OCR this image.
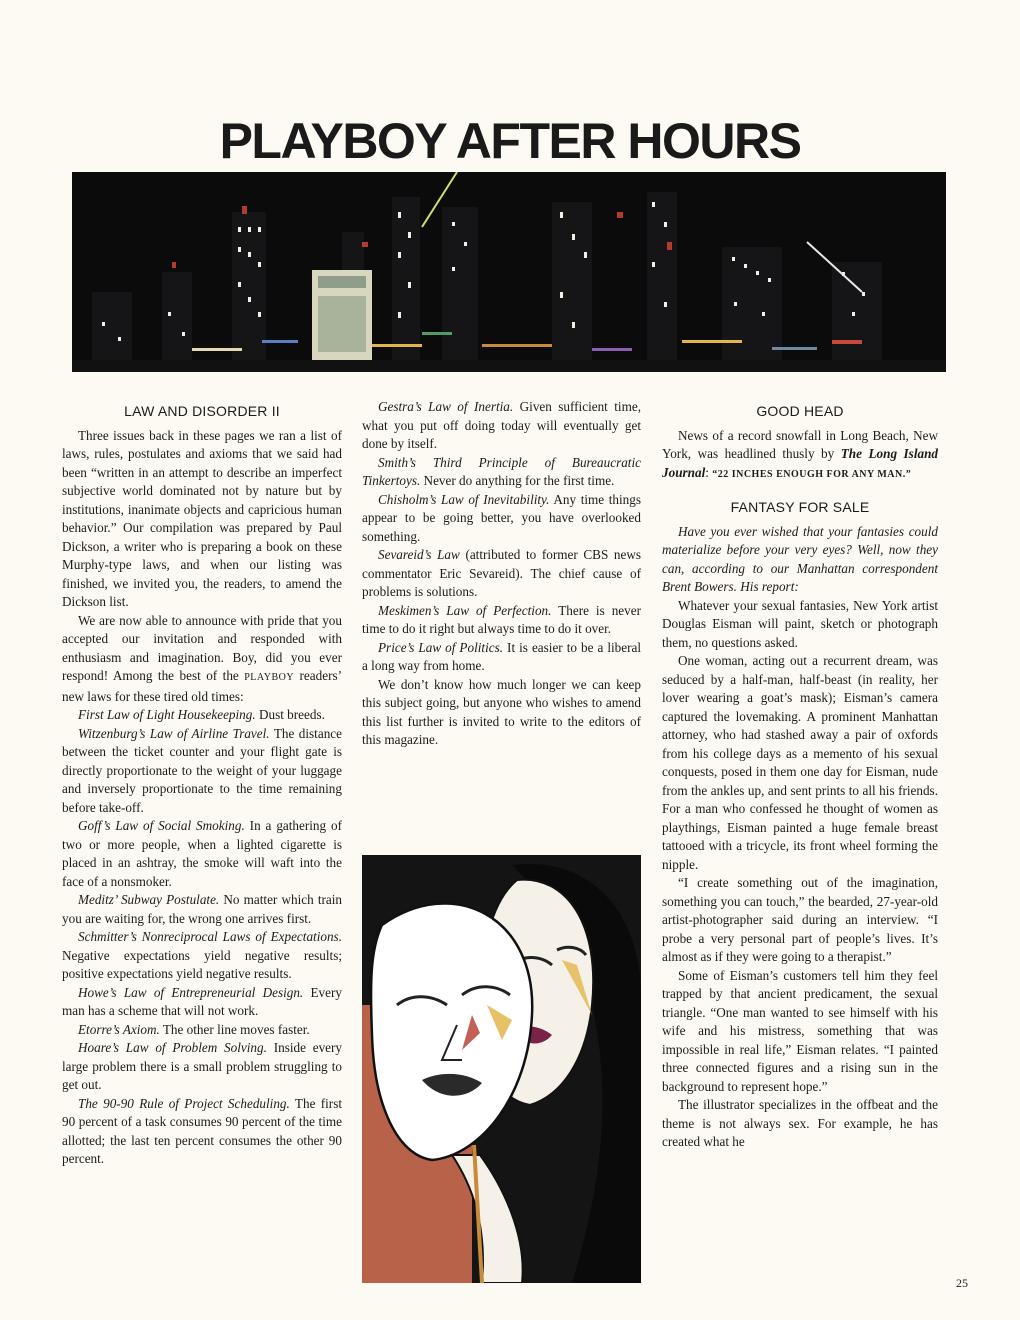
PLAYBOY AFTER HOURS
LAW AND DISORDER II

Three issues back in these pages we ran a list of laws, rules, postulates and axioms that we said had been “written in an attempt to describe an imperfect subjective world dominated not by nature but by institutions, inanimate objects and capricious human behavior.” Our compilation was prepared by Paul Dickson, a writer who is preparing a book on these Murphy-type laws, and when our listing was finished, we invited you, the readers, to amend the Dickson list.

We are now able to announce with pride that you accepted our invitation and responded with enthusiasm and imagination. Boy, did you ever respond! Among the best of the PLAYBOY readers’ new laws for these tired old times:

First Law of Light Housekeeping. Dust breeds.

Witzenburg’s Law of Airline Travel. The distance between the ticket counter and your flight gate is directly proportionate to the weight of your luggage and inversely proportionate to the time remaining before take-off.

Goff’s Law of Social Smoking. In a gathering of two or more people, when a lighted cigarette is placed in an ashtray, the smoke will waft into the face of a nonsmoker.

Meditz’ Subway Postulate. No matter which train you are waiting for, the wrong one arrives first.

Schmitter’s Nonreciprocal Laws of Expectations. Negative expectations yield negative results; positive expectations yield negative results.

Howe’s Law of Entrepreneurial Design. Every man has a scheme that will not work.

Etorre’s Axiom. The other line moves faster.

Hoare’s Law of Problem Solving. Inside every large problem there is a small problem struggling to get out.

The 90-90 Rule of Project Scheduling. The first 90 percent of a task consumes 90 percent of the time allotted; the last ten percent consumes the other 90 percent.

Gestra’s Law of Inertia. Given sufficient time, what you put off doing today will eventually get done by itself.

Smith’s Third Principle of Bureaucratic Tinkertoys. Never do anything for the first time.

Chisholm’s Law of Inevitability. Any time things appear to be going better, you have overlooked something.

Sevareid’s Law (attributed to former CBS news commentator Eric Sevareid). The chief cause of problems is solutions.

Meskimen’s Law of Perfection. There is never time to do it right but always time to do it over.

Price’s Law of Politics. It is easier to be a liberal a long way from home.

We don’t know how much longer we can keep this subject going, but anyone who wishes to amend this list further is invited to write to the editors of this magazine.

GOOD HEAD

News of a record snowfall in Long Beach, New York, was headlined thusly by The Long Island Journal: “22 INCHES ENOUGH FOR ANY MAN.”

FANTASY FOR SALE

Have you ever wished that your fantasies could materialize before your very eyes? Well, now they can, according to our Manhattan correspondent Brent Bowers. His report:

Whatever your sexual fantasies, New York artist Douglas Eisman will paint, sketch or photograph them, no questions asked.

One woman, acting out a recurrent dream, was seduced by a half-man, half-beast (in reality, her lover wearing a goat’s mask); Eisman’s camera captured the lovemaking. A prominent Manhattan attorney, who had stashed away a pair of oxfords from his college days as a memento of his sexual conquests, posed in them one day for Eisman, nude from the ankles up, and sent prints to all his friends. For a man who confessed he thought of women as playthings, Eisman painted a huge female breast tattooed with a tricycle, its front wheel forming the nipple.

“I create something out of the imagination, something you can touch,” the bearded, 27-year-old artist-photographer said during an interview. “I probe a very personal part of people’s lives. It’s almost as if they were going to a therapist.”

Some of Eisman’s customers tell him they feel trapped by that ancient predicament, the sexual triangle. “One man wanted to see himself with his wife and his mistress, something that was impossible in real life,” Eisman relates. “I painted three connected figures and a rising sun in the background to represent hope.”

The illustrator specializes in the offbeat and the theme is not always sex. For example, he has created what he

25
